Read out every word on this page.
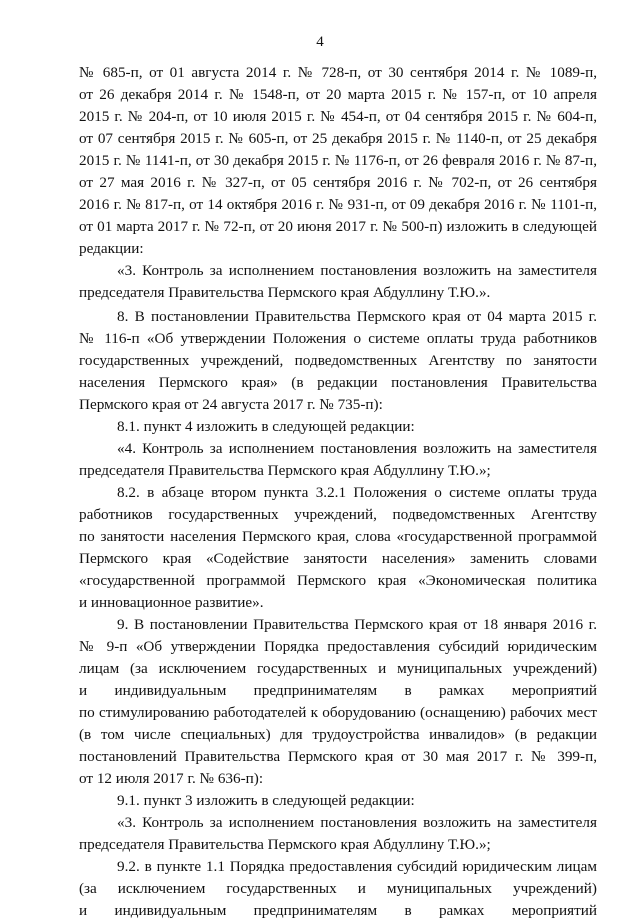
4
№ 685-п, от 01 августа 2014 г. № 728-п, от 30 сентября 2014 г. № 1089-п,
от 26 декабря 2014 г. № 1548-п, от 20 марта 2015 г. № 157-п, от 10 апреля
2015 г. № 204-п, от 10 июля 2015 г. № 454-п, от 04 сентября 2015 г. № 604-п,
от 07 сентября 2015 г. № 605-п, от 25 декабря 2015 г. № 1140-п, от 25 декабря
2015 г. № 1141-п, от 30 декабря 2015 г. № 1176-п, от 26 февраля 2016 г. № 87-п,
от 27 мая 2016 г. № 327-п, от 05 сентября 2016 г. № 702-п, от 26 сентября
2016 г. № 817-п, от 14 октября 2016 г. № 931-п, от 09 декабря 2016 г. № 1101-п,
от 01 марта 2017 г. № 72-п, от 20 июня 2017 г. № 500-п) изложить в следующей
редакции:
«3. Контроль за исполнением постановления возложить на заместителя
председателя Правительства Пермского края Абдуллину Т.Ю.».
8. В постановлении Правительства Пермского края от 04 марта 2015 г.
№ 116-п «Об утверждении Положения о системе оплаты труда работников
государственных учреждений, подведомственных Агентству по занятости
населения Пермского края» (в редакции постановления Правительства
Пермского края от 24 августа 2017 г. № 735-п):
8.1. пункт 4 изложить в следующей редакции:
«4. Контроль за исполнением постановления возложить на заместителя
председателя Правительства Пермского края Абдуллину Т.Ю.»;
8.2. в абзаце втором пункта 3.2.1 Положения о системе оплаты труда
работников государственных учреждений, подведомственных Агентству
по занятости населения Пермского края, слова «государственной программой
Пермского края «Содействие занятости населения» заменить словами
«государственной программой Пермского края «Экономическая политика
и инновационное развитие».
9. В постановлении Правительства Пермского края от 18 января 2016 г.
№ 9-п «Об утверждении Порядка предоставления субсидий юридическим
лицам (за исключением государственных и муниципальных учреждений)
и индивидуальным предпринимателям в рамках мероприятий
по стимулированию работодателей к оборудованию (оснащению) рабочих мест
(в том числе специальных) для трудоустройства инвалидов» (в редакции
постановлений Правительства Пермского края от 30 мая 2017 г. № 399-п,
от 12 июля 2017 г. № 636-п):
9.1. пункт 3 изложить в следующей редакции:
«3. Контроль за исполнением постановления возложить на заместителя
председателя Правительства Пермского края Абдуллину Т.Ю.»;
9.2. в пункте 1.1 Порядка предоставления субсидий юридическим лицам
(за исключением государственных и муниципальных учреждений)
и индивидуальным предпринимателям в рамках мероприятий
